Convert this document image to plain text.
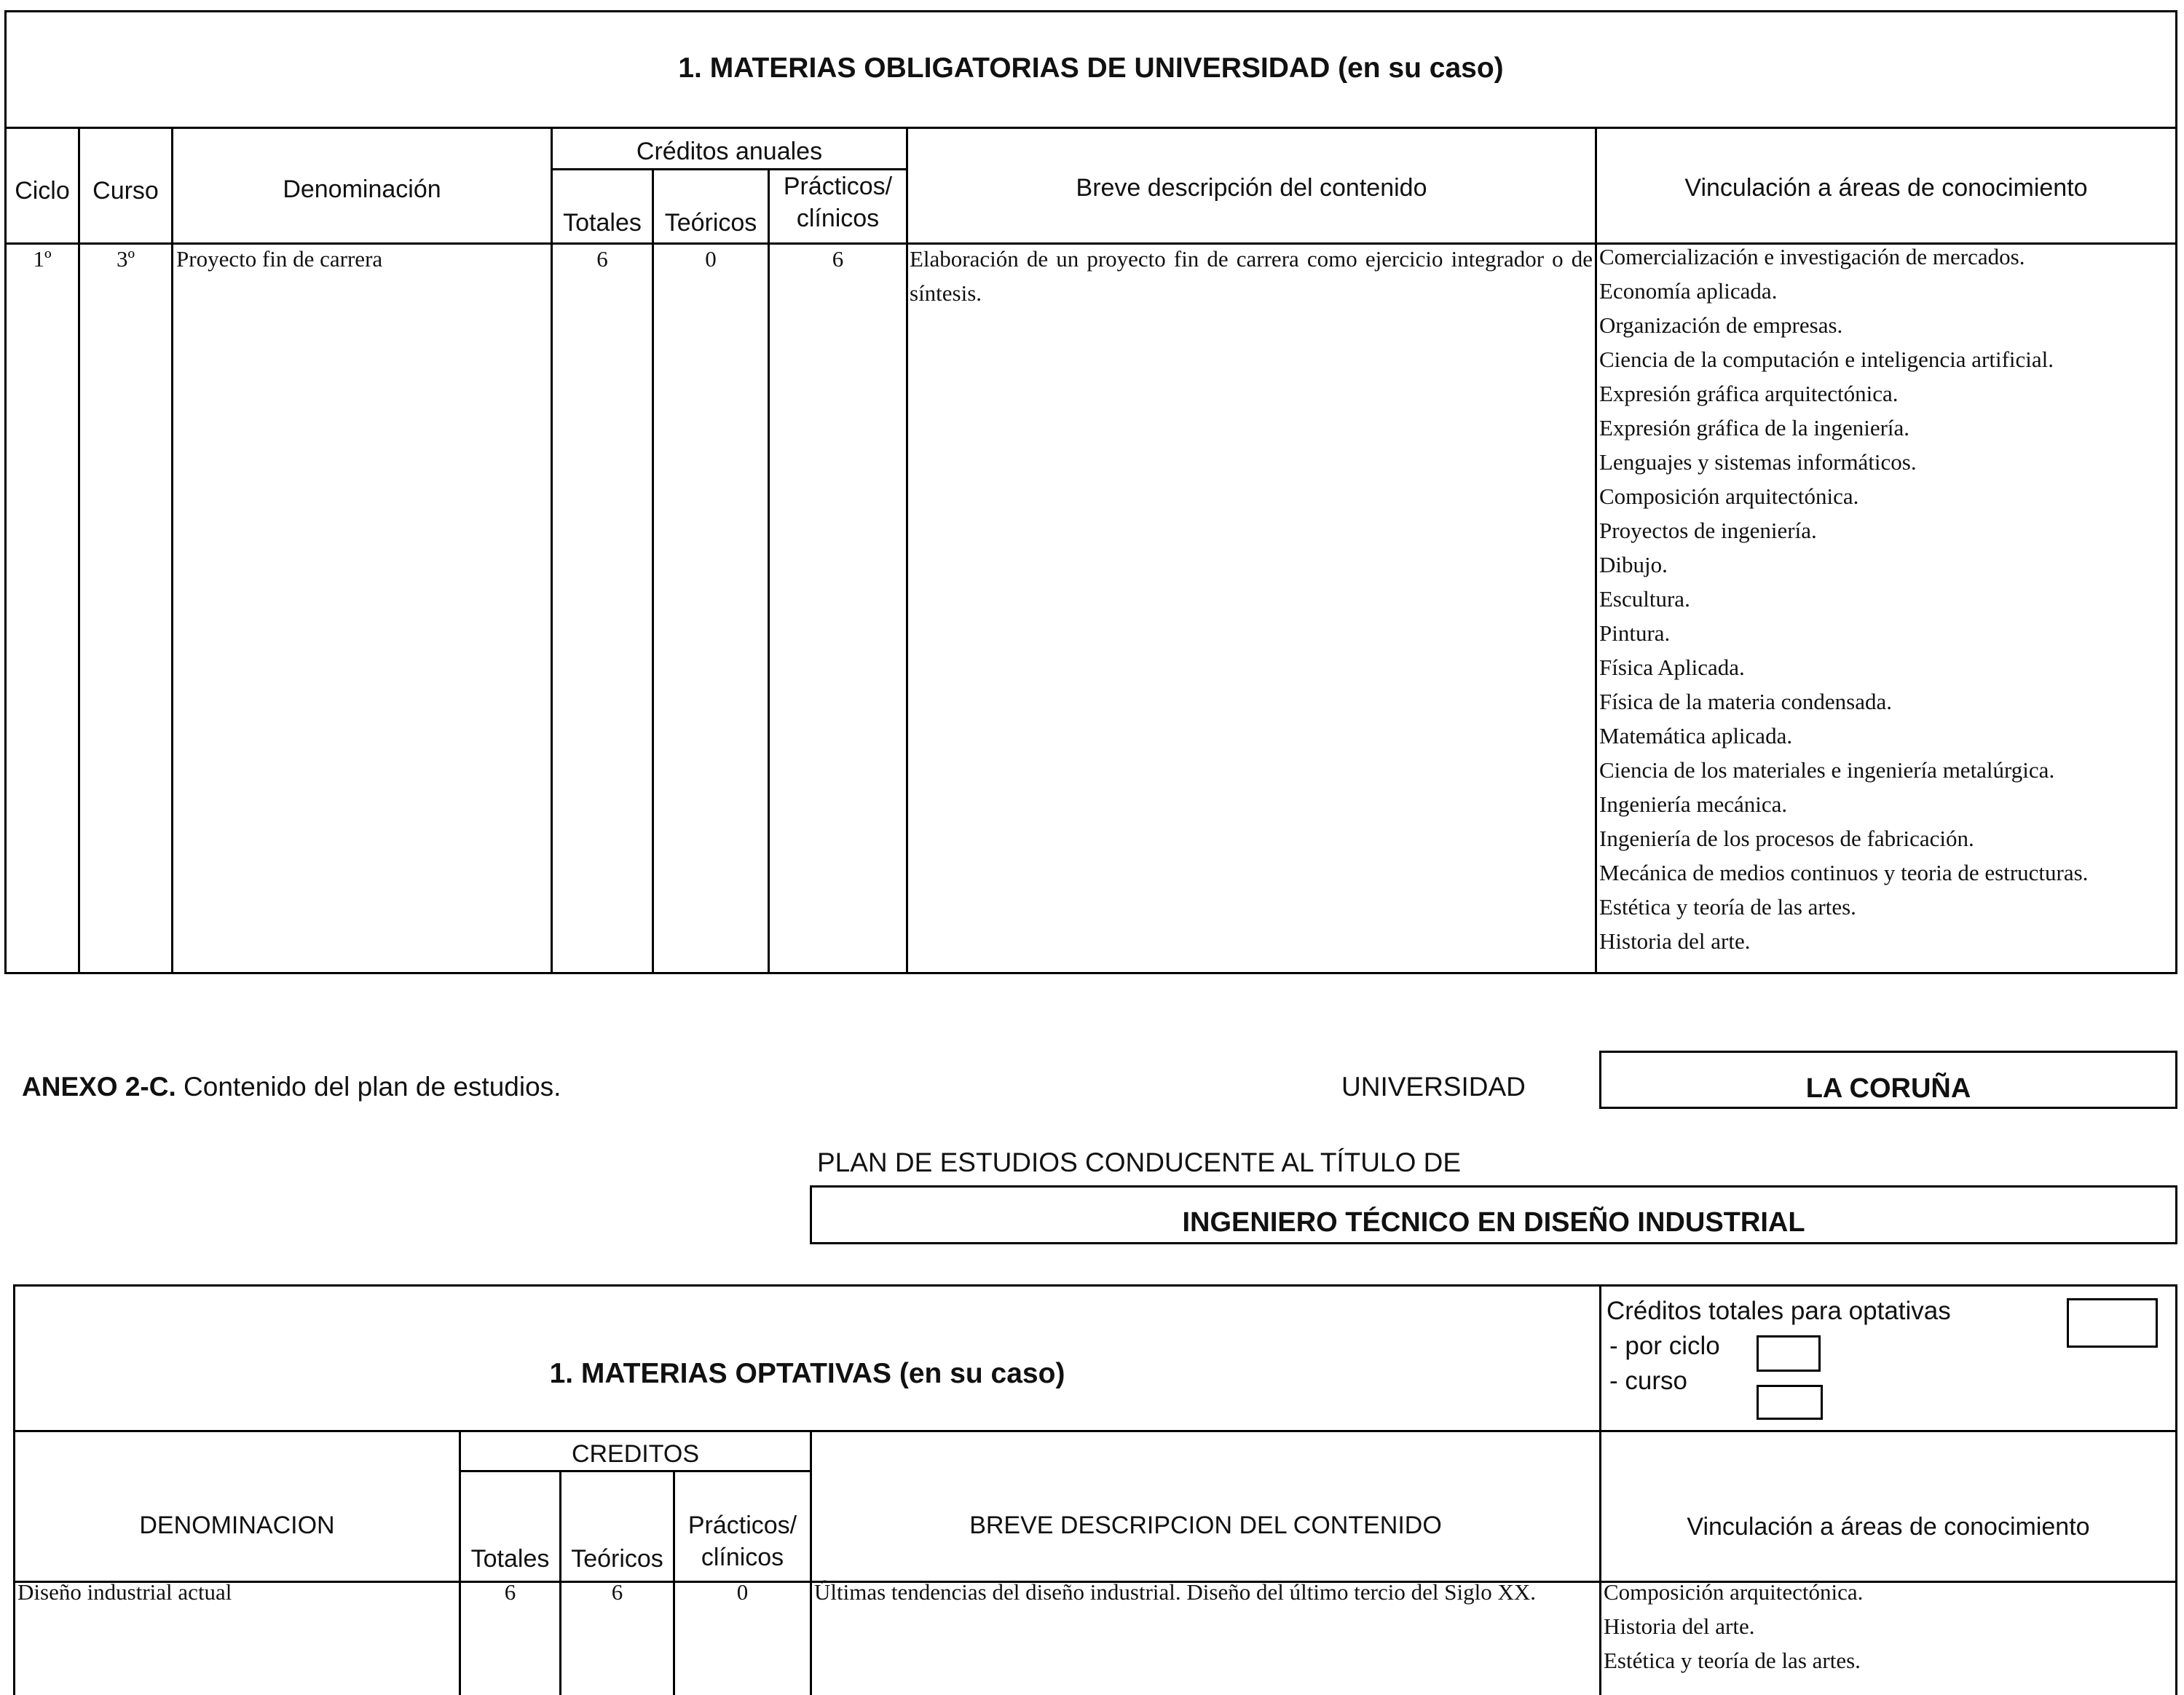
1. MATERIAS OBLIGATORIAS DE UNIVERSIDAD (en su caso)
Ciclo Curso	Denominación
Créditos anuales
Totales Teóricos
Prácticos/
clínicos
Breve descripción del contenido	Vinculación a áreas de conocimiento
1º	3º	Proyecto fin de carrera	6	0	6	Elaboración de un proyecto fin de carrera como ejercicio integrador o de síntesis.
Comercialización e investigación de mercados.
Economía aplicada.
Organización de empresas.
Ciencia de la computación e inteligencia artificial.
Expresión gráfica arquitectónica.
Expresión gráfica de la ingeniería.
Lenguajes y sistemas informáticos.
Composición arquitectónica.
Proyectos de ingeniería.
Dibujo.
Escultura.
Pintura.
Física Aplicada.
Física de la materia condensada.
Matemática aplicada.
Ciencia de los materiales e ingeniería metalúrgica.
Ingeniería mecánica.
Ingeniería de los procesos de fabricación.
Mecánica de medios continuos y teoria de estructuras.
Estética y teoría de las artes.
Historia del arte.
ANEXO 2-C. Contenido del plan de estudios.	UNIVERSIDAD	LA CORUÑA
PLAN DE ESTUDIOS CONDUCENTE AL TÍTULO DE
INGENIERO TÉCNICO EN DISEÑO INDUSTRIAL
1. MATERIAS OPTATIVAS (en su caso)
Créditos totales para optativas
- por ciclo
- curso
DENOMINACION
CREDITOS
Totales Teóricos
Prácticos/
clínicos
BREVE DESCRIPCION DEL CONTENIDO	Vinculación a áreas de conocimiento
Diseño industrial actual	6	6	0	Últimas tendencias del diseño industrial. Diseño del último tercio del Siglo XX.	Composición arquitectónica.
Historia del arte.
Estética y teoría de las artes.
